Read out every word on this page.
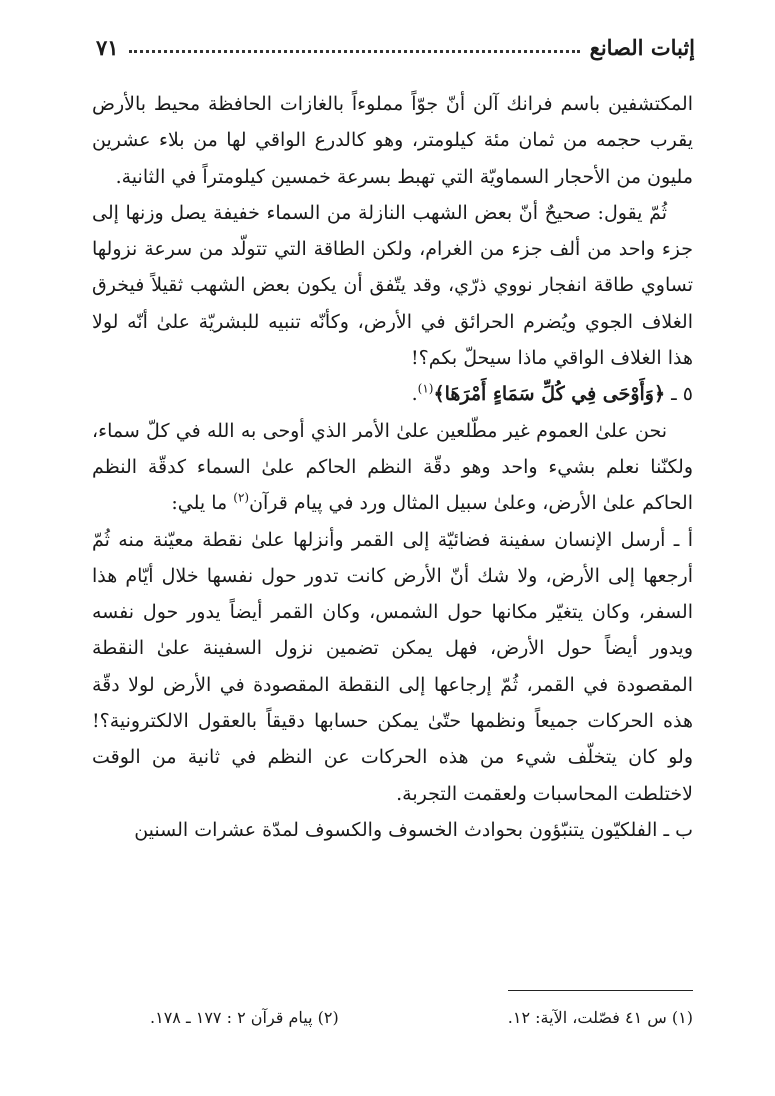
إثبات الصانع
٧١

المكتشفين باسم فرانك آلن أنّ جوّاً مملوءاً بالغازات الحافظة محيط بالأرض يقرب حجمه من ثمان مئة كيلومتر، وهو كالدرع الواقي لها من بلاء عشرين مليون من الأحجار السماويّة التي تهبط بسرعة خمسين كيلومتراً في الثانية.

ثُمّ يقول: صحيحٌ أنّ بعض الشهب النازلة من السماء خفيفة يصل وزنها إلى جزء واحد من ألف جزء من الغرام، ولكن الطاقة التي تتولّد من سرعة نزولها تساوي طاقة انفجار نووي ذرّي، وقد يتّفق أن يكون بعض الشهب ثقيلاً فيخرق الغلاف الجوي ويُضرم الحرائق في الأرض، وكأنّه تنبيه للبشريّة علىٰ أنّه لولا هذا الغلاف الواقي ماذا سيحلّ بكم؟!

٥ ـ ﴿وَأَوْحَى فِي كُلِّ سَمَاءٍ أَمْرَهَا﴾$^{(١)}$.

نحن علىٰ العموم غير مطّلعين علىٰ الأمر الذي أوحى به الله في كلّ سماء، ولكنّنا نعلم بشيء واحد وهو دقّة النظم الحاكم علىٰ السماء كدقّة النظم الحاكم علىٰ الأرض، وعلىٰ سبيل المثال ورد في پيام قرآن$^{(٢)}$ ما يلي:

أ ـ أرسل الإنسان سفينة فضائيّة إلى القمر وأنزلها علىٰ نقطة معيّنة منه ثُمّ أرجعها إلى الأرض، ولا شك أنّ الأرض كانت تدور حول نفسها خلال أيّام هذا السفر، وكان يتغيّر مكانها حول الشمس، وكان القمر أيضاً يدور حول نفسه ويدور أيضاً حول الأرض، فهل يمكن تضمين نزول السفينة علىٰ النقطة المقصودة في القمر، ثُمّ إرجاعها إلى النقطة المقصودة في الأرض لولا دقّة هذه الحركات جميعاً ونظمها حتّىٰ يمكن حسابها دقيقاً بالعقول الالكترونية؟! ولو كان يتخلّف شيء من هذه الحركات عن النظم في ثانية من الوقت لاختلطت المحاسبات ولعقمت التجربة.

ب ـ الفلكيّون يتنبّؤون بحوادث الخسوف والكسوف لمدّة عشرات السنين

(١) س ٤١ فصّلت، الآية: ١٢.
(٢) پيام قرآن ٢ : ١٧٧ ـ ١٧٨.
